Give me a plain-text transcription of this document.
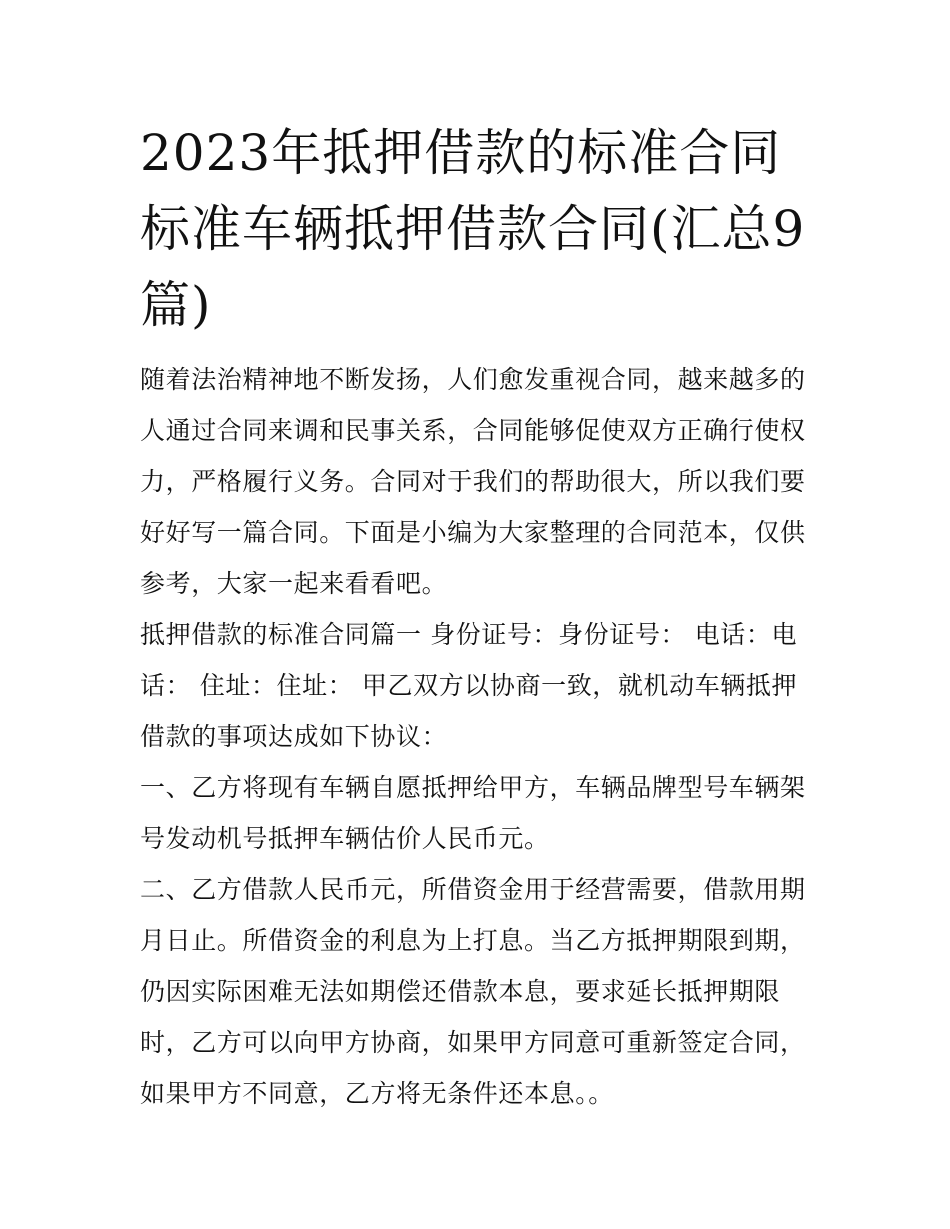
2023年抵押借款的标准合同 标准车辆抵押借款合同(汇总9篇)

随着法治精神地不断发扬，人们愈发重视合同，越来越多的人通过合同来调和民事关系，合同能够促使双方正确行使权力，严格履行义务。合同对于我们的帮助很大，所以我们要好好写一篇合同。下面是小编为大家整理的合同范本，仅供参考，大家一起来看看吧。

抵押借款的标准合同篇一 身份证号：身份证号： 电话：电话： 住址：住址： 甲乙双方以协商一致，就机动车辆抵押借款的事项达成如下协议：

一、乙方将现有车辆自愿抵押给甲方，车辆品牌型号车辆架号发动机号抵押车辆估价人民币元。

二、乙方借款人民币元，所借资金用于经营需要，借款用期月日止。所借资金的利息为上打息。当乙方抵押期限到期，仍因实际困难无法如期偿还借款本息，要求延长抵押期限时，乙方可以向甲方协商，如果甲方同意可重新签定合同，如果甲方不同意，乙方将无条件还本息。。
